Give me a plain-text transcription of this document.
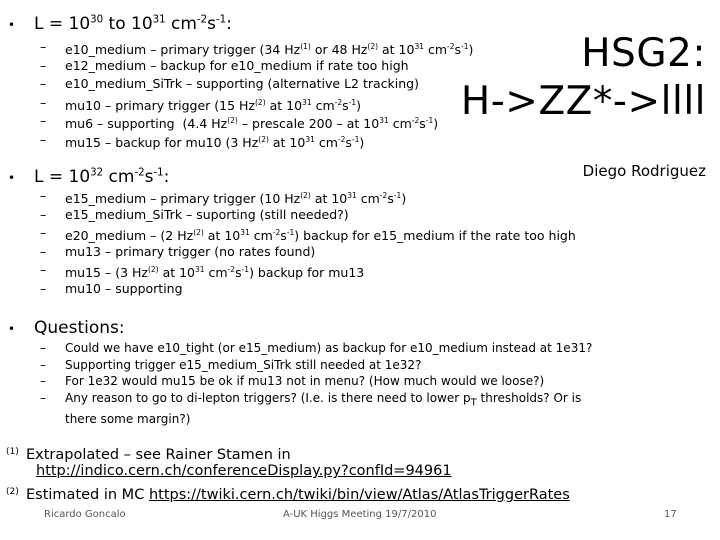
HSG2:
H->ZZ*->llll
Diego Rodriguez
•	$L = 10^{30}$ to $10^{31}$ $cm^{-2}s^{-1}$:
–	e10_medium – primary trigger (34 Hz$^{(1)}$ or 48 Hz$^{(2)}$ at $10^{31}$ $cm^{-2}s^{-1}$)
–	e12_medium – backup for e10_medium if rate too high
–	e10_medium_SiTrk – supporting (alternative L2 tracking)
–	mu10 – primary trigger (15 Hz$^{(2)}$ at $10^{31}$ $cm^{-2}s^{-1}$)
–	mu6 – supporting  (4.4 Hz$^{(2)}$ – prescale 200 – at $10^{31}$ $cm^{-2}s^{-1}$)
–	mu15 – backup for mu10 (3 Hz$^{(2)}$ at $10^{31}$ $cm^{-2}s^{-1}$)
•	$L = 10^{32}$ $cm^{-2}s^{-1}$:
–	e15_medium – primary trigger (10 Hz$^{(2)}$ at $10^{31}$ $cm^{-2}s^{-1}$)
–	e15_medium_SiTrk – suporting (still needed?)
–	e20_medium – (2 Hz$^{(2)}$ at $10^{31}$ $cm^{-2}s^{-1}$) backup for e15_medium if the rate too high
–	mu13 – primary trigger (no rates found)
–	mu15 – (3 Hz$^{(2)}$ at $10^{31}$ $cm^{-2}s^{-1}$) backup for mu13
–	mu10 – supporting
•	Questions:
–	Could we have e10_tight (or e15_medium) as backup for e10_medium instead at 1e31?
–	Supporting trigger e15_medium_SiTrk still needed at 1e32?
–	For 1e32 would mu15 be ok if mu13 not in menu? (How much would we loose?)
–	Any reason to go to di-lepton triggers? (I.e. is there need to lower $p_T$ thresholds? Or is there some margin?)
(1) Extrapolated – see Rainer Stamen in
http://indico.cern.ch/conferenceDisplay.py?confId=94961
(2) Estimated in MC https://twiki.cern.ch/twiki/bin/view/Atlas/AtlasTriggerRates
Ricardo Goncalo	A-UK Higgs Meeting 19/7/2010	17
